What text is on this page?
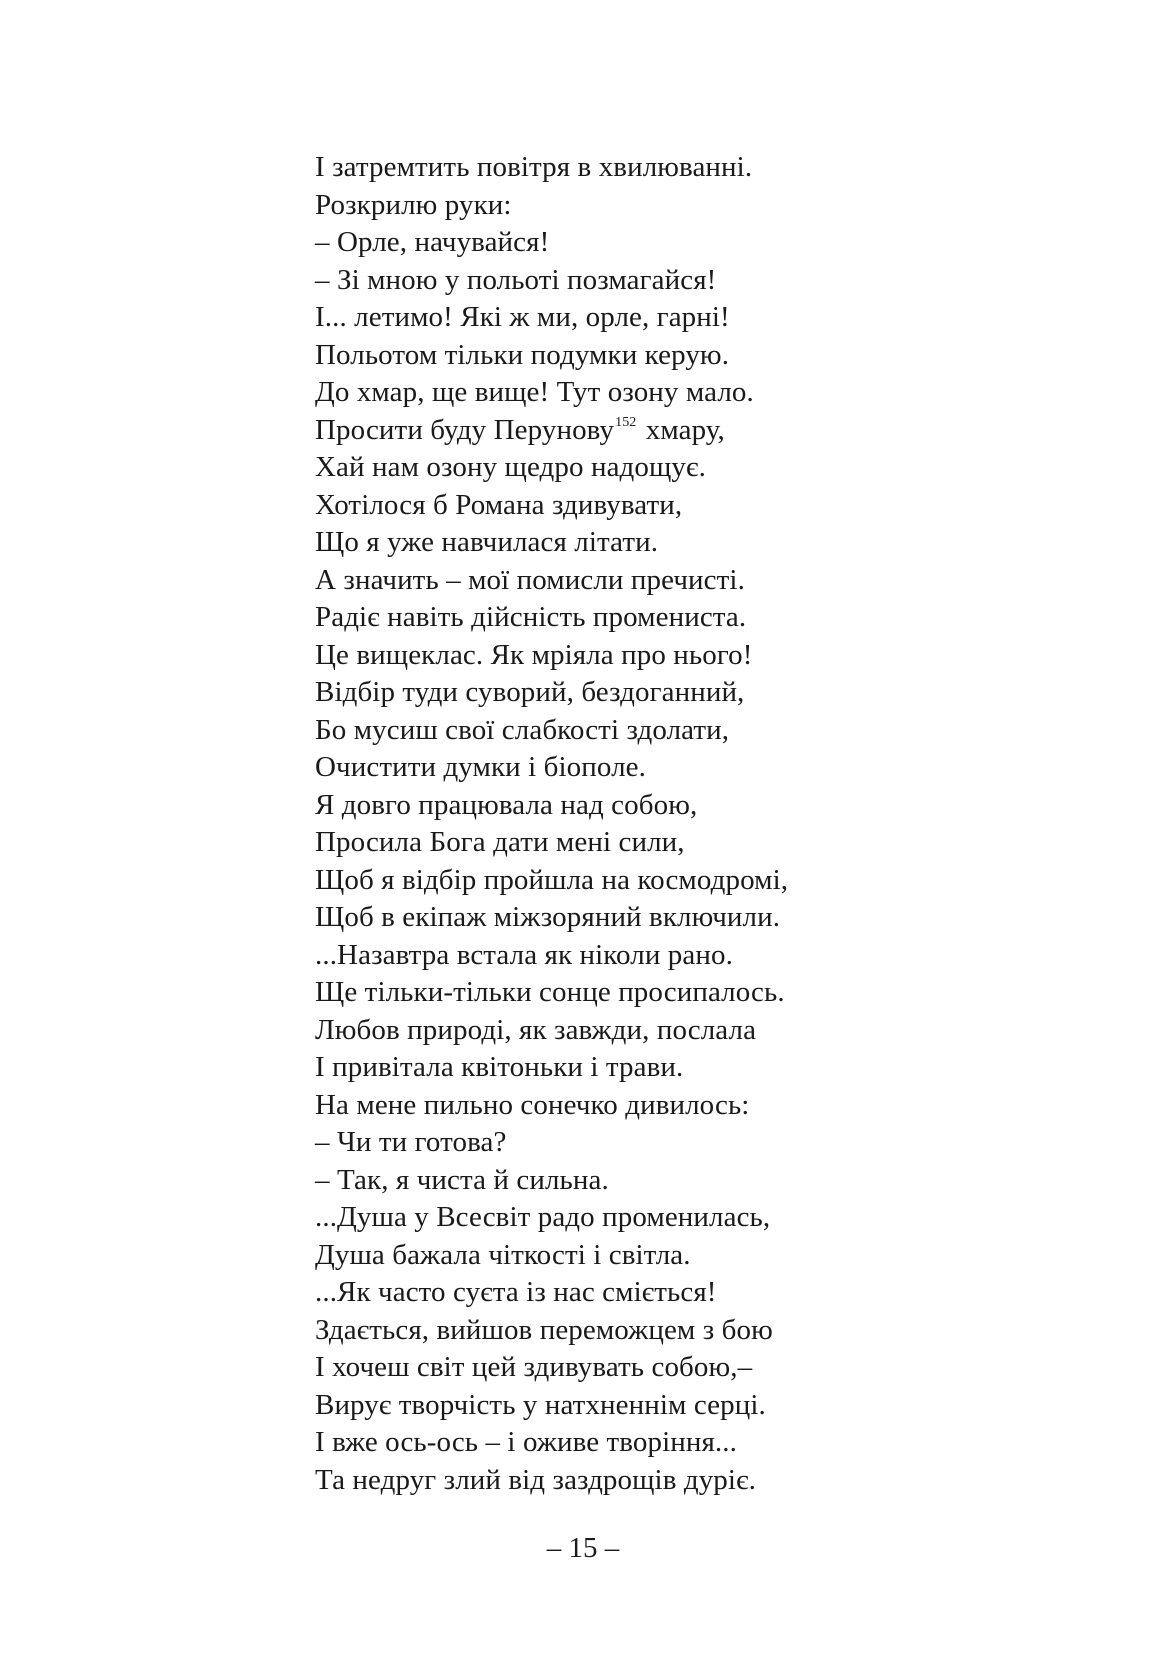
І затремтить повітря в хвилюванні.
Розкрилю руки:
– Орле, начувайся!
– Зі мною у польоті позмагайся!
І... летимо! Які ж ми, орле, гарні!
Польотом тільки подумки керую.
До хмар, ще вище! Тут озону мало.
Просити буду Перунову$^{152}$ хмару,
Хай нам озону щедро надощує.
Хотілося б Романа здивувати,
Що я уже навчилася літати.
А значить – мої помисли пречисті.
Радіє навіть дійсність промениста.
Це вищеклас. Як мріяла про нього!
Відбір туди суворий, бездоганний,
Бо мусиш свої слабкості здолати,
Очистити думки і біополе.
Я довго працювала над собою,
Просила Бога дати мені сили,
Щоб я відбір пройшла на космодромі,
Щоб в екіпаж міжзоряний включили.
...Назавтра встала як ніколи рано.
Ще тільки-тільки сонце просипалось.
Любов природі, як завжди, послала
І привітала квітоньки і трави.
На мене пильно сонечко дивилось:
– Чи ти готова?
– Так, я чиста й сильна.
...Душа у Всесвіт радо променилась,
Душа бажала чіткості і світла.
...Як часто суєта із нас сміється!
Здається, вийшов переможцем з бою
І хочеш світ цей здивувать собою,–
Вирує творчість у натхненнім серці.
І вже ось-ось – і оживе творіння...
Та недруг злий від заздрощів дуріє.
– 15 –
